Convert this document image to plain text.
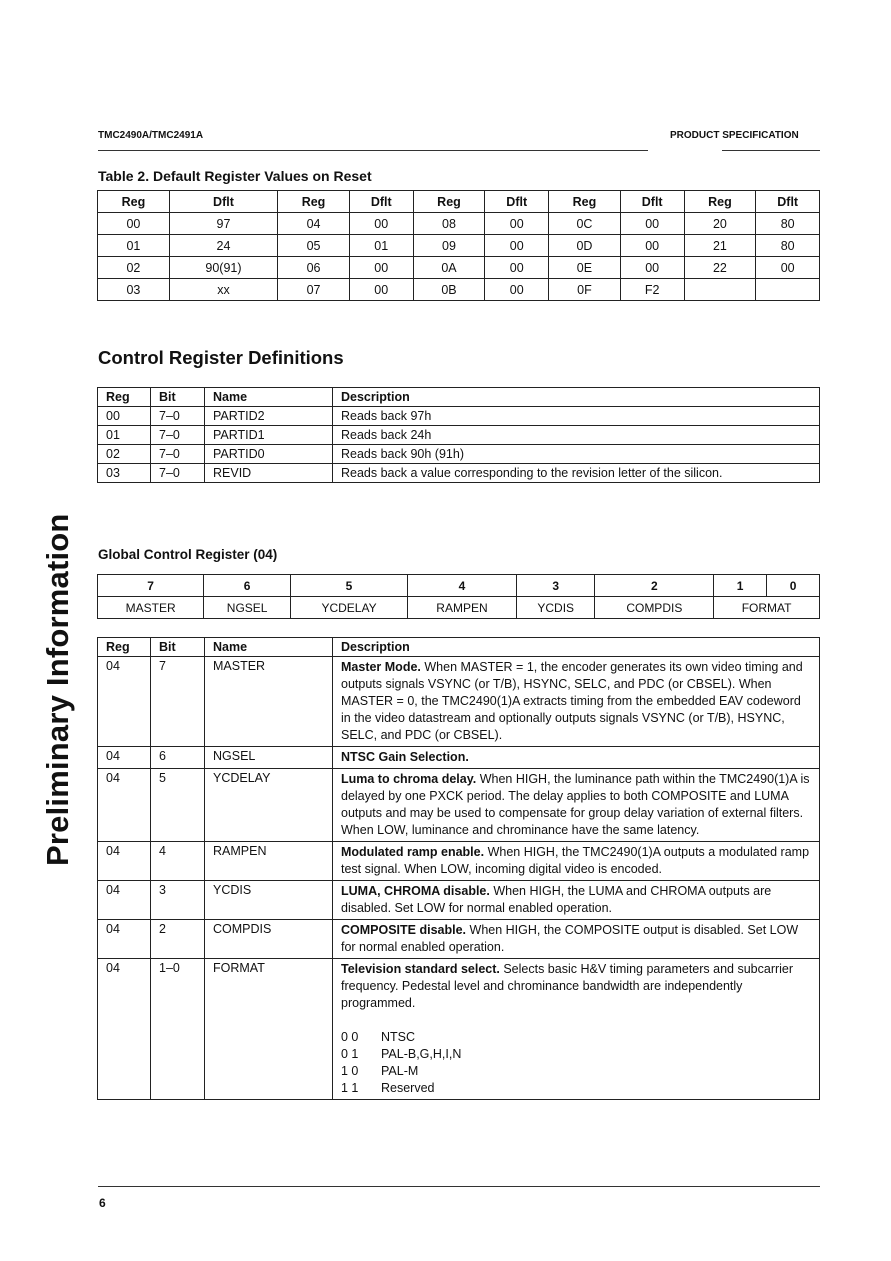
TMC2490A/TMC2491A	PRODUCT SPECIFICATION
Preliminary Information
Table 2. Default Register Values on Reset
Reg	Dflt	Reg	Dflt	Reg	Dflt	Reg	Dflt	Reg	Dflt
00	97	04	00	08	00	0C	00	20	80
01	24	05	01	09	00	0D	00	21	80
02	90(91)	06	00	0A	00	0E	00	22	00
03	xx	07	00	0B	00	0F	F2		
Control Register Definitions
Reg	Bit	Name	Description
00	7–0	PARTID2	Reads back 97h
01	7–0	PARTID1	Reads back 24h
02	7–0	PARTID0	Reads back 90h (91h)
03	7–0	REVID	Reads back a value corresponding to the revision letter of the silicon.
Global Control Register (04)
7	6	5	4	3	2	1	0
MASTER	NGSEL	YCDELAY	RAMPEN	YCDIS	COMPDIS	FORMAT	
Reg	Bit	Name	Description
04	7	MASTER	Master Mode. When MASTER = 1, the encoder generates its own video timing and outputs signals VSYNC (or T/B), HSYNC, SELC, and PDC (or CBSEL). When MASTER = 0, the TMC2490(1)A extracts timing from the embedded EAV codeword in the video datastream and optionally outputs signals VSYNC (or T/B), HSYNC, SELC, and PDC (or CBSEL).
04	6	NGSEL	NTSC Gain Selection.
04	5	YCDELAY	Luma to chroma delay. When HIGH, the luminance path within the TMC2490(1)A is delayed by one PXCK period. The delay applies to both COMPOSITE and LUMA outputs and may be used to compensate for group delay variation of external filters. When LOW, luminance and chrominance have the same latency.
04	4	RAMPEN	Modulated ramp enable. When HIGH, the TMC2490(1)A outputs a modulated ramp test signal. When LOW, incoming digital video is encoded.
04	3	YCDIS	LUMA, CHROMA disable. When HIGH, the LUMA and CHROMA outputs are disabled. Set LOW for normal enabled operation.
04	2	COMPDIS	COMPOSITE disable. When HIGH, the COMPOSITE output is disabled. Set LOW for normal enabled operation.
04	1–0	FORMAT	Television standard select. Selects basic H&V timing parameters and subcarrier frequency. Pedestal level and chrominance bandwidth are independently programmed.
0 0 NTSC
0 1 PAL-B,G,H,I,N
1 0 PAL-M
1 1 Reserved
6
